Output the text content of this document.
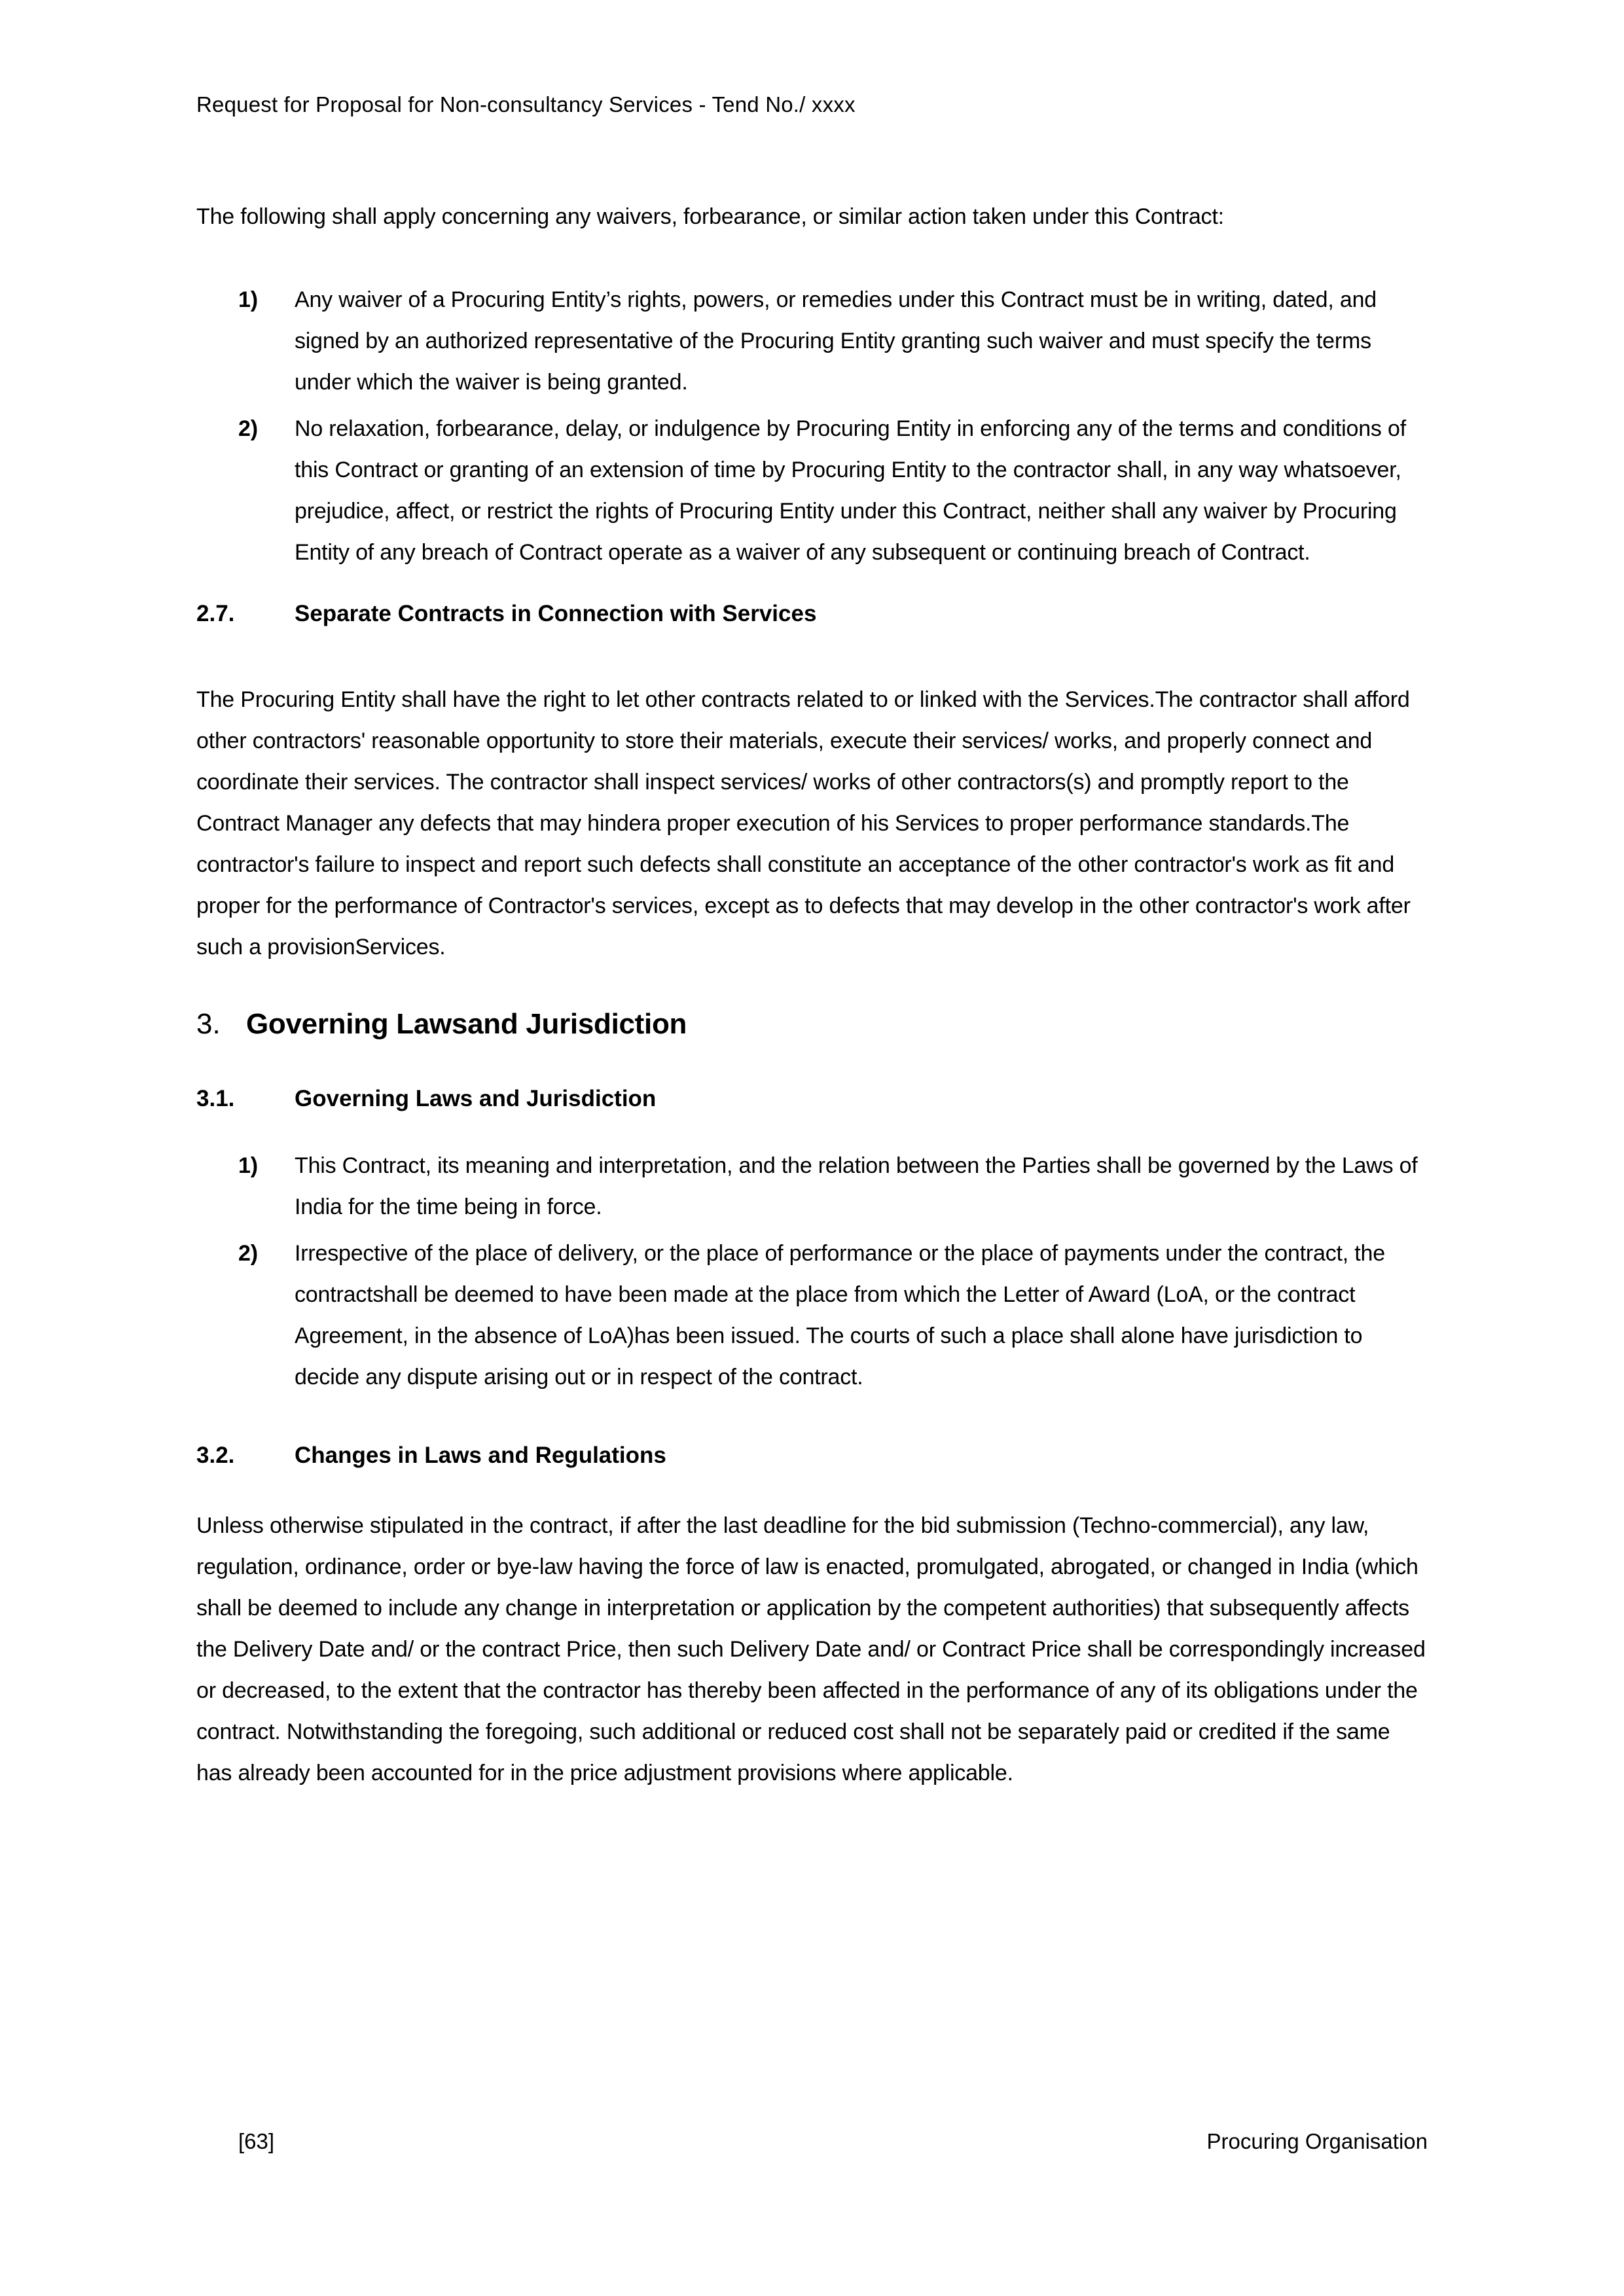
Request for Proposal for Non-consultancy Services - Tend No./ xxxx
The following shall apply concerning any waivers, forbearance, or similar action taken under this Contract:
1) Any waiver of a Procuring Entity’s rights, powers, or remedies under this Contract must be in writing, dated, and signed by an authorized representative of the Procuring Entity granting such waiver and must specify the terms under which the waiver is being granted.
2) No relaxation, forbearance, delay, or indulgence by Procuring Entity in enforcing any of the terms and conditions of this Contract or granting of an extension of time by Procuring Entity to the contractor shall, in any way whatsoever, prejudice, affect, or restrict the rights of Procuring Entity under this Contract, neither shall any waiver by Procuring Entity of any breach of Contract operate as a waiver of any subsequent or continuing breach of Contract.
2.7.	Separate Contracts in Connection with Services
The Procuring Entity shall have the right to let other contracts related to or linked with the Services.The contractor shall afford other contractors' reasonable opportunity to store their materials, execute their services/ works, and properly connect and coordinate their services. The contractor shall inspect services/ works of other contractors(s) and promptly report to the Contract Manager any defects that may hindera proper execution of his Services to proper performance standards.The contractor's failure to inspect and report such defects shall constitute an acceptance of the other contractor's work as fit and proper for the performance of Contractor's services, except as to defects that may develop in the other contractor's work after such a provisionServices.
3. Governing Lawsand Jurisdiction
3.1.	Governing Laws and Jurisdiction
1) This Contract, its meaning and interpretation, and the relation between the Parties shall be governed by the Laws of India for the time being in force.
2) Irrespective of the place of delivery, or the place of performance or the place of payments under the contract, the contractshall be deemed to have been made at the place from which the Letter of Award (LoA, or the contract Agreement, in the absence of LoA)has been issued. The courts of such a place shall alone have jurisdiction to decide any dispute arising out or in respect of the contract.
3.2.	Changes in Laws and Regulations
Unless otherwise stipulated in the contract, if after the last deadline for the bid submission (Techno-commercial), any law, regulation, ordinance, order or bye-law having the force of law is enacted, promulgated, abrogated, or changed in India (which shall be deemed to include any change in interpretation or application by the competent authorities) that subsequently affects the Delivery Date and/ or the contract Price, then such Delivery Date and/ or Contract Price shall be correspondingly increased or decreased, to the extent that the contractor has thereby been affected in the performance of any of its obligations under the contract. Notwithstanding the foregoing, such additional or reduced cost shall not be separately paid or credited if the same has already been accounted for in the price adjustment provisions where applicable.
[63]	Procuring Organisation
